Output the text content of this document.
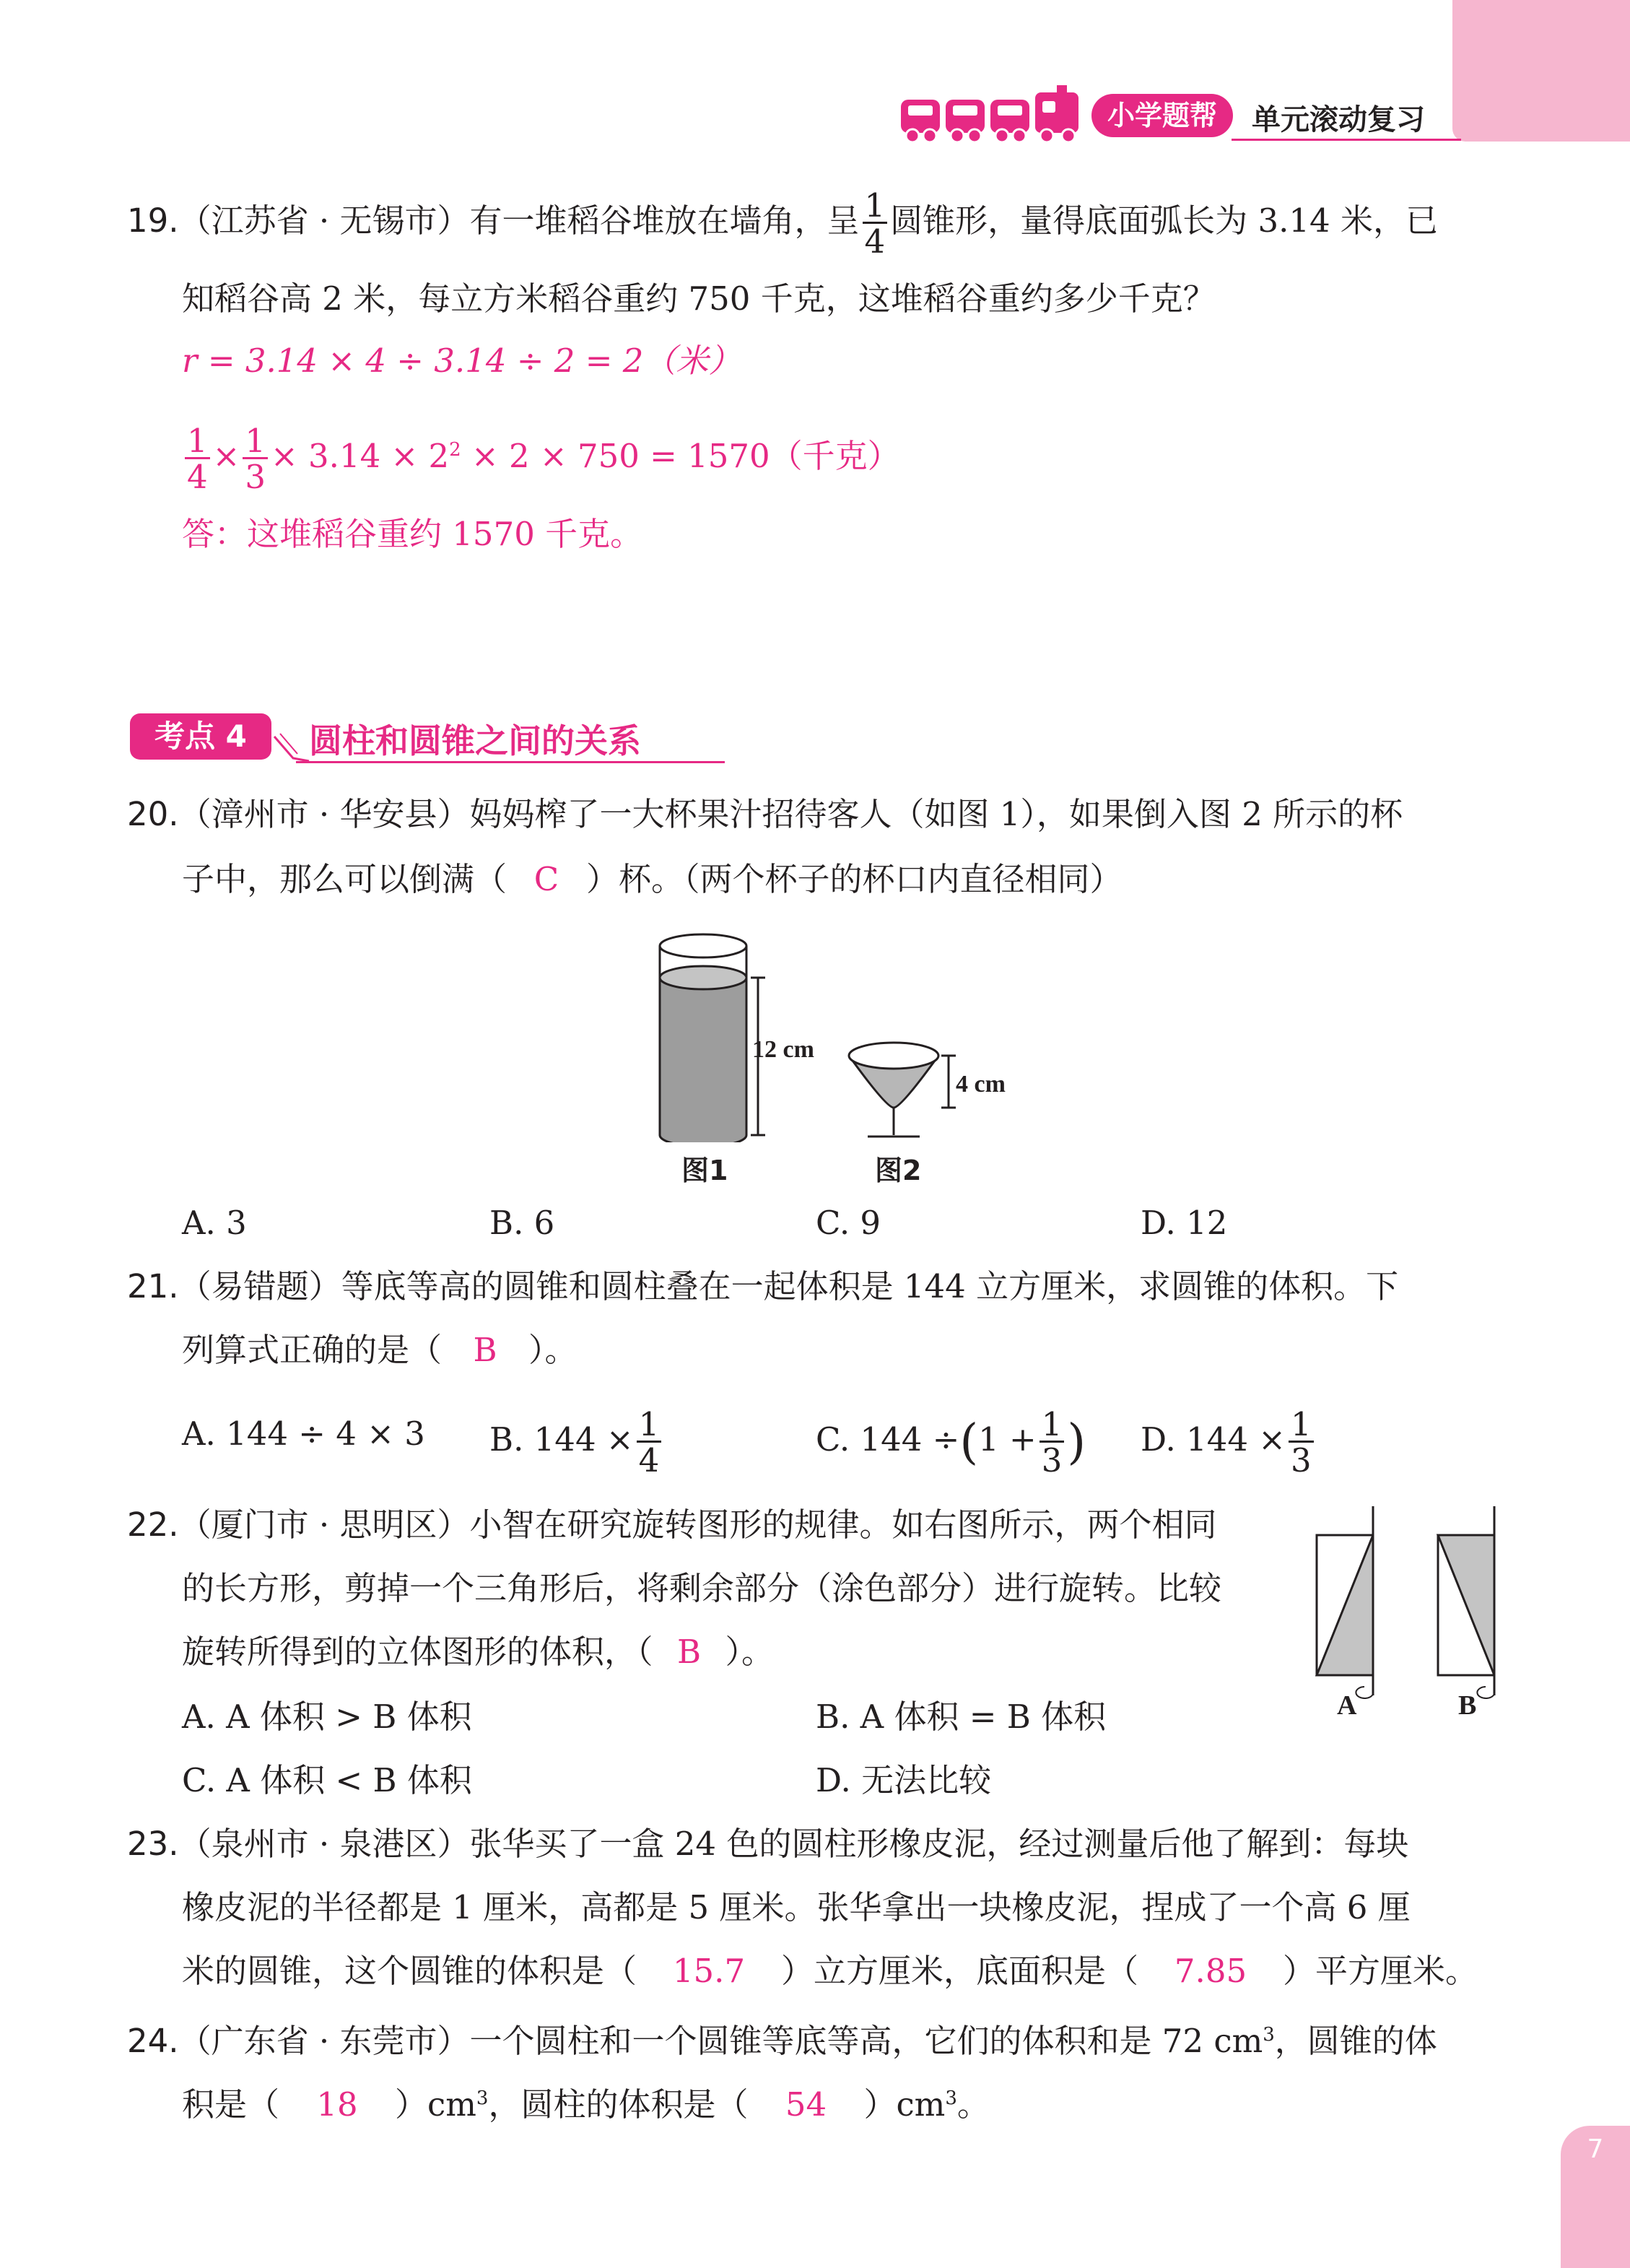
小学题帮	单元滚动复习
19.（江苏省 · 无锡市）有一堆稻谷堆放在墙角，呈 $\frac{1}{4}$ 圆锥形，量得底面弧长为 3.14 米，已
知稻谷高 2 米，每立方米稻谷重约 750 千克，这堆稻谷重约多少千克？
r = 3.14 × 4 ÷ 3.14 ÷ 2 = 2（米）
$\frac{1}{4} \times \frac{1}{3} \times 3.14 \times 2^2 \times 2 \times 750 = 1570$（千克）
答：这堆稻谷重约 1570 千克。
考点 4	圆柱和圆锥之间的关系
20.（漳州市 · 华安县）妈妈榨了一大杯果汁招待客人（如图 1），如果倒入图 2 所示的杯
子中，那么可以倒满（ C ）杯。（两个杯子的杯口内直径相同）
12 cm
4 cm
图1	图2
A. 3	B. 6	C. 9	D. 12
21.（易错题）等底等高的圆锥和圆柱叠在一起体积是 144 立方厘米，求圆锥的体积。下
列算式正确的是（ B ）。
A. 144 ÷ 4 × 3 B. $144 \times \frac{1}{4}$	C. $144 \div(1 + \frac{1}{3}$ ) D. $144 \times \frac{1}{3}$
22.（厦门市 · 思明区）小智在研究旋转图形的规律。如右图所示，两个相同
的长方形，剪掉一个三角形后，将剩余部分（涂色部分）进行旋转。比较
旋转所得到的立体图形的体积，（ B ）。
A. A 体积 > B 体积	B. A 体积 = B 体积
C. A 体积 < B 体积	D. 无法比较
A	B
23.（泉州市 · 泉港区）张华买了一盒 24 色的圆柱形橡皮泥，经过测量后他了解到：每块
橡皮泥的半径都是 1 厘米，高都是 5 厘米。张华拿出一块橡皮泥，捏成了一个高 6 厘
米的圆锥，这个圆锥的体积是（ 15.7 ）立方厘米，底面积是（ 7.85 ）平方厘米。
24.（广东省 · 东莞市）一个圆柱和一个圆锥等底等高，它们的体积和是 72 $cm^3$，圆锥的体
积是（ 18 ）$cm^3$，圆柱的体积是（ 54 ）$cm^3$。
7
